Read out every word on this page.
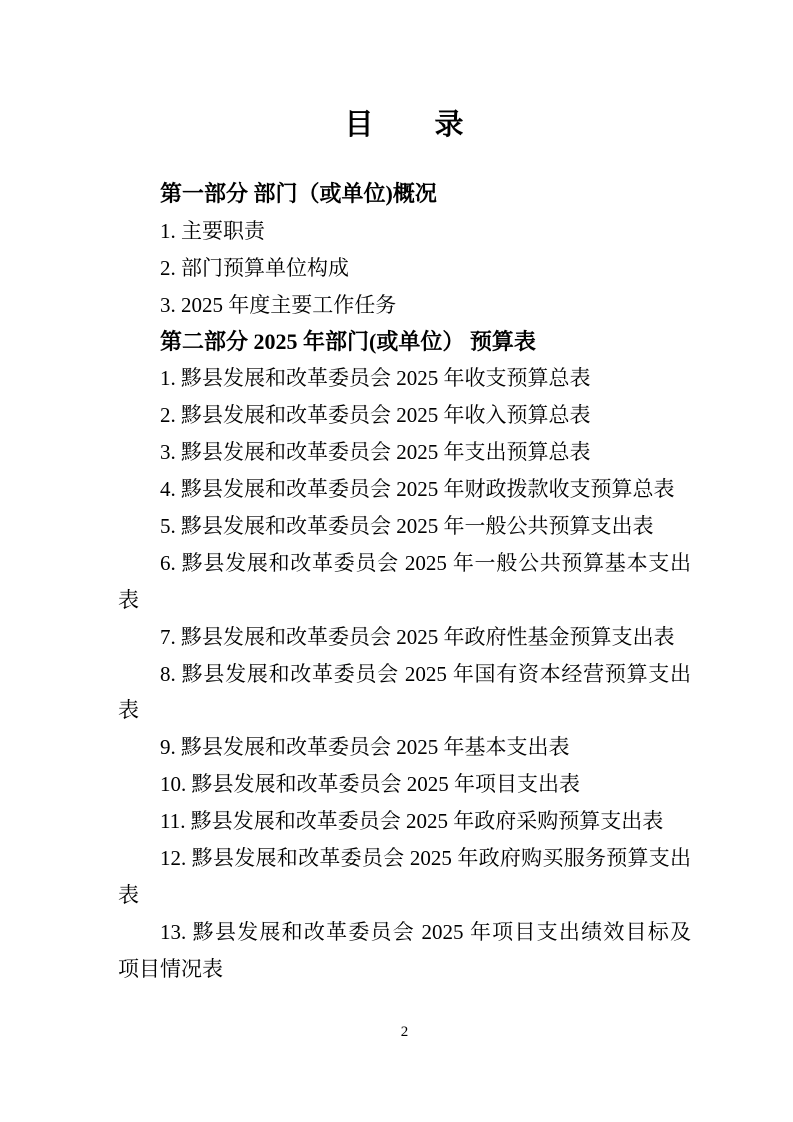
目　　录
第一部分 部门（或单位)概况
1. 主要职责
2. 部门预算单位构成
3. 2025 年度主要工作任务
第二部分 2025 年部门(或单位） 预算表
1. 黟县发展和改革委员会 2025 年收支预算总表
2. 黟县发展和改革委员会 2025 年收入预算总表
3. 黟县发展和改革委员会 2025 年支出预算总表
4. 黟县发展和改革委员会 2025 年财政拨款收支预算总表
5. 黟县发展和改革委员会 2025 年一般公共预算支出表
6. 黟县发展和改革委员会 2025 年一般公共预算基本支出
表
7. 黟县发展和改革委员会 2025 年政府性基金预算支出表
8. 黟县发展和改革委员会 2025 年国有资本经营预算支出
表
9. 黟县发展和改革委员会 2025 年基本支出表
10. 黟县发展和改革委员会 2025 年项目支出表
11. 黟县发展和改革委员会 2025 年政府采购预算支出表
12. 黟县发展和改革委员会 2025 年政府购买服务预算支出
表
13. 黟县发展和改革委员会 2025 年项目支出绩效目标及
项目情况表
2
